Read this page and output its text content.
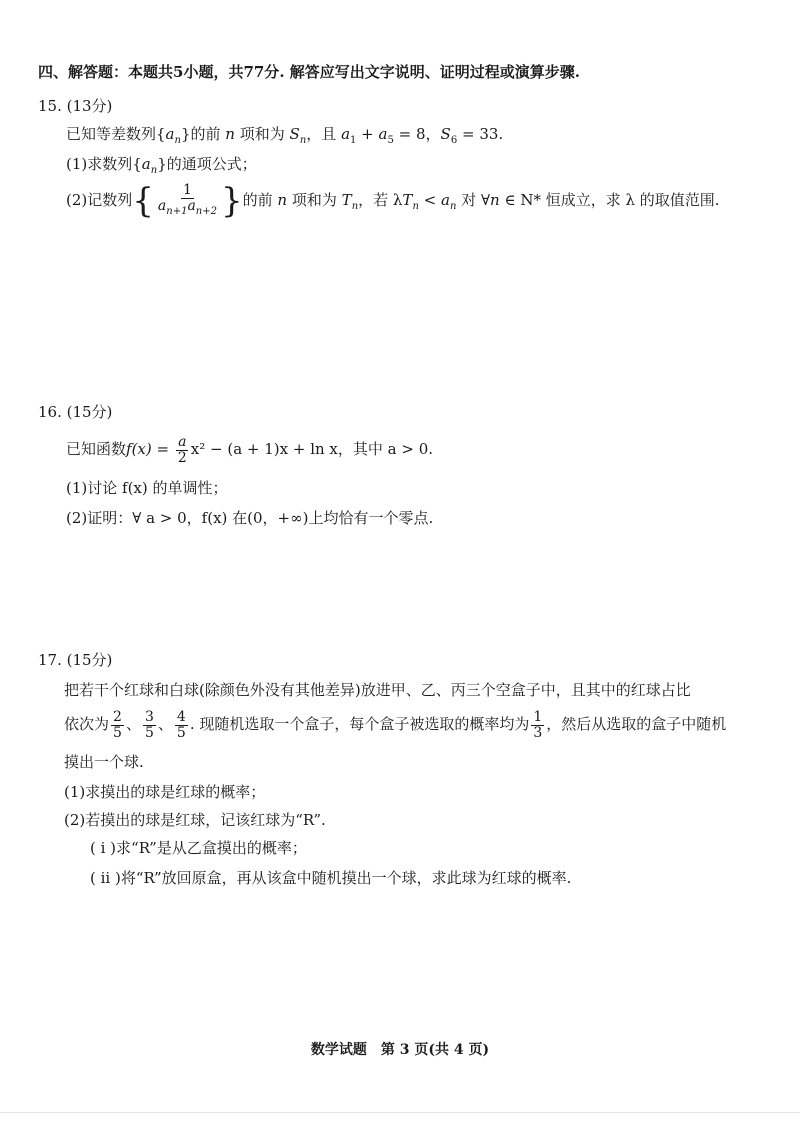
四、解答题：本题共5小题，共77分. 解答应写出文字说明、证明过程或演算步骤.
15. (13分)
已知等差数列$\{a_n\}$的前 n 项和为 $S_n$，且 $a_1 + a_5 = 8$，$S_6 = 33$.
(1)求数列$\{a_n\}$的通项公式；
(2)记数列{ $\frac{1}{a_{n+1}a_{n+2}}$ }的前 n 项和为 $T_n$，若 $\lambda T_n < a_n$ 对 ∀n ∈ N* 恒成立，求 λ 的取值范围.
16. (15分)
已知函数$f(x) = \frac{a}{2} x^2 - (a + 1)x + \ln x$，其中 a > 0.
(1)讨论 f(x) 的单调性；
(2)证明：∀ a > 0，f(x) 在(0，+∞)上均恰有一个零点.
17. (15分)
把若干个红球和白球(除颜色外没有其他差异)放进甲、乙、丙三个空盒子中，且其中的红球占比
依次为 $\frac{2}{5}$ 、 $\frac{3}{5}$ 、 $\frac{4}{5}$ . 现随机选取一个盒子，每个盒子被选取的概率均为 $\frac{1}{3}$ ，然后从选取的盒子中随机
摸出一个球.
(1)求摸出的球是红球的概率；
(2)若摸出的球是红球，记该红球为“R”.
( i )求“R”是从乙盒摸出的概率；
( ii )将“R”放回原盒，再从该盒中随机摸出一个球，求此球为红球的概率.
数学试题　第 3 页(共 4 页)
